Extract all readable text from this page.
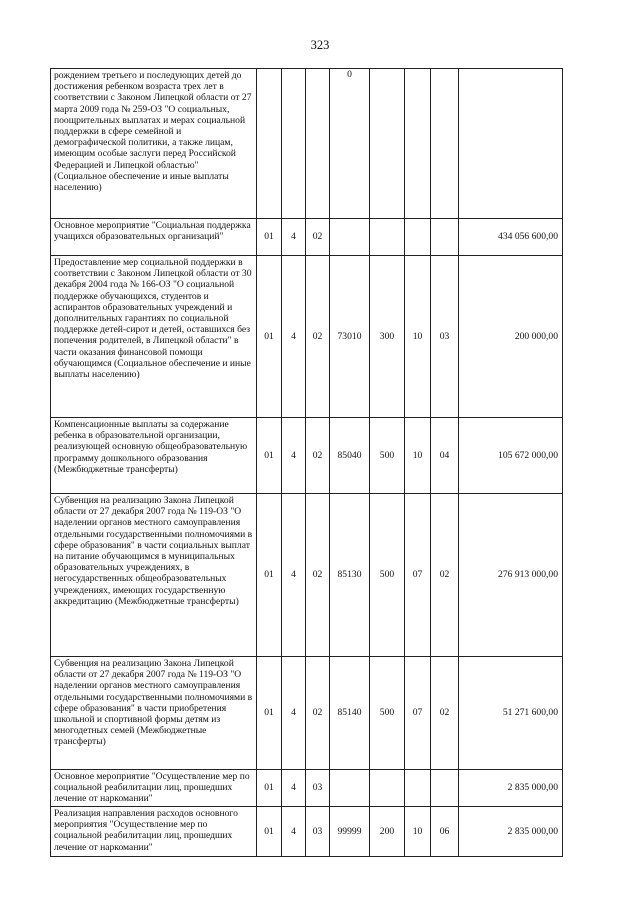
323
рождением третьего и последующих детей до достижения ребенком возраста трех лет в соответствии с Законом Липецкой области от 27 марта 2009 года № 259-ОЗ "О социальных, поощрительных выплатах и мерах социальной поддержки в сфере семейной и демографической политики, а также лицам, имеющим особые заслуги перед Российской Федерацией и Липецкой областью" (Социальное обеспечение и иные выплаты населению)				0				
Основное мероприятие "Социальная поддержка учащихся образовательных организаций"	01	4	02					434 056 600,00
Предоставление мер социальной поддержки в соответствии с Законом Липецкой области от 30 декабря 2004 года № 166-ОЗ "О социальной поддержке обучающихся, студентов и аспирантов образовательных учреждений и дополнительных гарантиях по социальной поддержке детей-сирот и детей, оставшихся без попечения родителей, в Липецкой области" в части оказания финансовой помощи обучающимся (Социальное обеспечение и иные выплаты населению)	01	4	02	73010	300	10	03	200 000,00
Компенсационные выплаты за содержание ребенка в образовательной организации, реализующей основную общеобразовательную программу дошкольного образования (Межбюджетные трансферты)	01	4	02	85040	500	10	04	105 672 000,00
Субвенция на реализацию Закона Липецкой области от 27 декабря 2007 года № 119-ОЗ "О наделении органов местного самоуправления отдельными государственными полномочиями в сфере образования" в части социальных выплат на питание обучающимся в муниципальных образовательных учреждениях, в негосударственных общеобразовательных учреждениях, имеющих государственную аккредитацию (Межбюджетные трансферты)	01	4	02	85130	500	07	02	276 913 000,00
Субвенция на реализацию Закона Липецкой области от 27 декабря 2007 года № 119-ОЗ "О наделении органов местного самоуправления отдельными государственными полномочиями в сфере образования" в части приобретения школьной и спортивной формы детям из многодетных семей (Межбюджетные трансферты)	01	4	02	85140	500	07	02	51 271 600,00
Основное мероприятие "Осуществление мер по социальной реабилитации лиц, прошедших лечение от наркомании"	01	4	03					2 835 000,00
Реализация направления расходов основного мероприятия "Осуществление мер по социальной реабилитации лиц, прошедших лечение от наркомании"	01	4	03	99999	200	10	06	2 835 000,00
